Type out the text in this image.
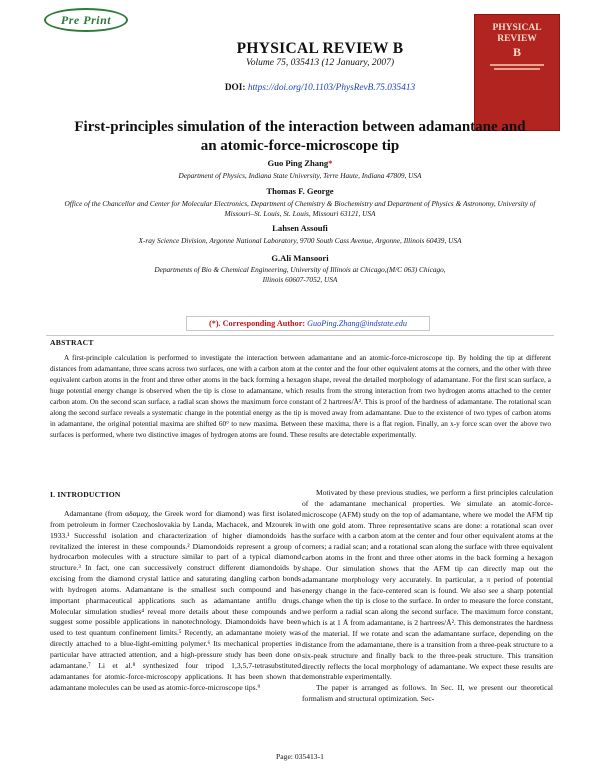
Pre Print
PHYSICAL REVIEW B
Volume 75, 035413 (12 January, 2007)
DOI: https://doi.org/10.1103/PhysRevB.75.035413
PHYSICAL
REVIEW
B
First-principles simulation of the interaction between adamantane and
an atomic-force-microscope tip
Guo Ping Zhang*
Department of Physics, Indiana State University, Terre Haute, Indiana 47809, USA
Thomas F. George
Office of the Chancellor and Center for Molecular Electronics, Department of Chemistry & Biochemistry and Department of Physics & Astronomy, University of Missouri–St. Louis, St. Louis, Missouri 63121, USA
Lahsen Assoufi
X-ray Science Division, Argonne National Laboratory, 9700 South Cass Avenue, Argonne, Illinois 60439, USA
G.Ali Mansoori
Departments of Bio & Chemical Engineering, University of Illinois at Chicago,(M/C 063) Chicago, Illinois 60607-7052, USA
(*). Corresponding Author: GuoPing.Zhang@indstate.edu
ABSTRACT

A first-principle calculation is performed to investigate the interaction between adamantane and an atomic-force-microscope tip. By holding the tip at different distances from adamantane, three scans across two surfaces, one with a carbon atom at the center and the four other equivalent atoms at the corners, and the other with three equivalent carbon atoms in the front and three other atoms in the back forming a hexagon shape, reveal the detailed morphology of adamantane. For the first scan surface, a huge potential energy change is observed when the tip is close to adamantane, which results from the strong interaction from two hydrogen atoms attached to the center carbon atom. On the second scan surface, a radial scan shows the maximum force constant of 2 hartrees/Å². This is proof of the hardness of adamantane. The rotational scan along the second surface reveals a systematic change in the potential energy as the tip is moved away from adamantane. Due to the existence of two types of carbon atoms in adamantane, the original potential maxima are shifted 60° to new maxima. Between these maxima, there is a flat region. Finally, an x-y force scan over the above two surfaces is performed, where two distinctive images of hydrogen atoms are found. These results are detectable experimentally.

I. INTRODUCTION

Adamantane (from αδαμαχ, the Greek word for diamond) was first isolated from petroleum in former Czechoslovakia by Landa, Machacek, and Mzourek in 1933.¹ Successful isolation and characterization of higher diamondoids has revitalized the interest in these compounds.² Diamondoids represent a group of hydrocarbon molecules with a structure similar to part of a typical diamond structure.³ In fact, one can successively construct different diamondoids by excising from the diamond crystal lattice and saturating dangling carbon bonds with hydrogen atoms. Adamantane is the smallest such compound and has important pharmaceutical applications such as adamantane antiflu drugs. Molecular simulation studies⁴ reveal more details about these compounds and suggest some possible applications in nanotechnology. Diamondoids have been used to test quantum confinement limits.⁵ Recently, an adamantane moiety was directly attached to a blue-light-emitting polymer.⁶ Its mechanical properties in particular have attracted attention, and a high-pressure study has been done on adamantane.⁷ Li et al.⁸ synthesized four tripod 1,3,5,7-tetrasubstituted adamantanes for atomic-force-microscopy applications. It has been shown that adamantane molecules can be used as atomic-force-microscope tips.⁹

Motivated by these previous studies, we perform a first principles calculation of the adamantane mechanical properties. We simulate an atomic-force-microscope (AFM) study on the top of adamantane, where we model the AFM tip with one gold atom. Three representative scans are done: a rotational scan over the surface with a carbon atom at the center and four other equivalent atoms at the corners; a radial scan; and a rotational scan along the surface with three equivalent carbon atoms in the front and three other atoms in the back forming a hexagon shape. Our simulation shows that the AFM tip can directly map out the adamantane morphology very accurately. In particular, a π period of potential energy change in the face-centered scan is found. We also see a sharp potential change when the tip is close to the surface. In order to measure the force constant, we perform a radial scan along the second surface. The maximum force constant, which is at 1 Å from adamantane, is 2 hartrees/Å². This demonstrates the hardness of the material. If we rotate and scan the adamantane surface, depending on the distance from the adamantane, there is a transition from a three-peak structure to a six-peak structure and finally back to the three-peak structure. This transition directly reflects the local morphology of adamantane. We expect these results are demonstrable experimentally.

The paper is arranged as follows. In Sec. II, we present our theoretical formalism and structural optimization. Sec-

Page: 035413-1
